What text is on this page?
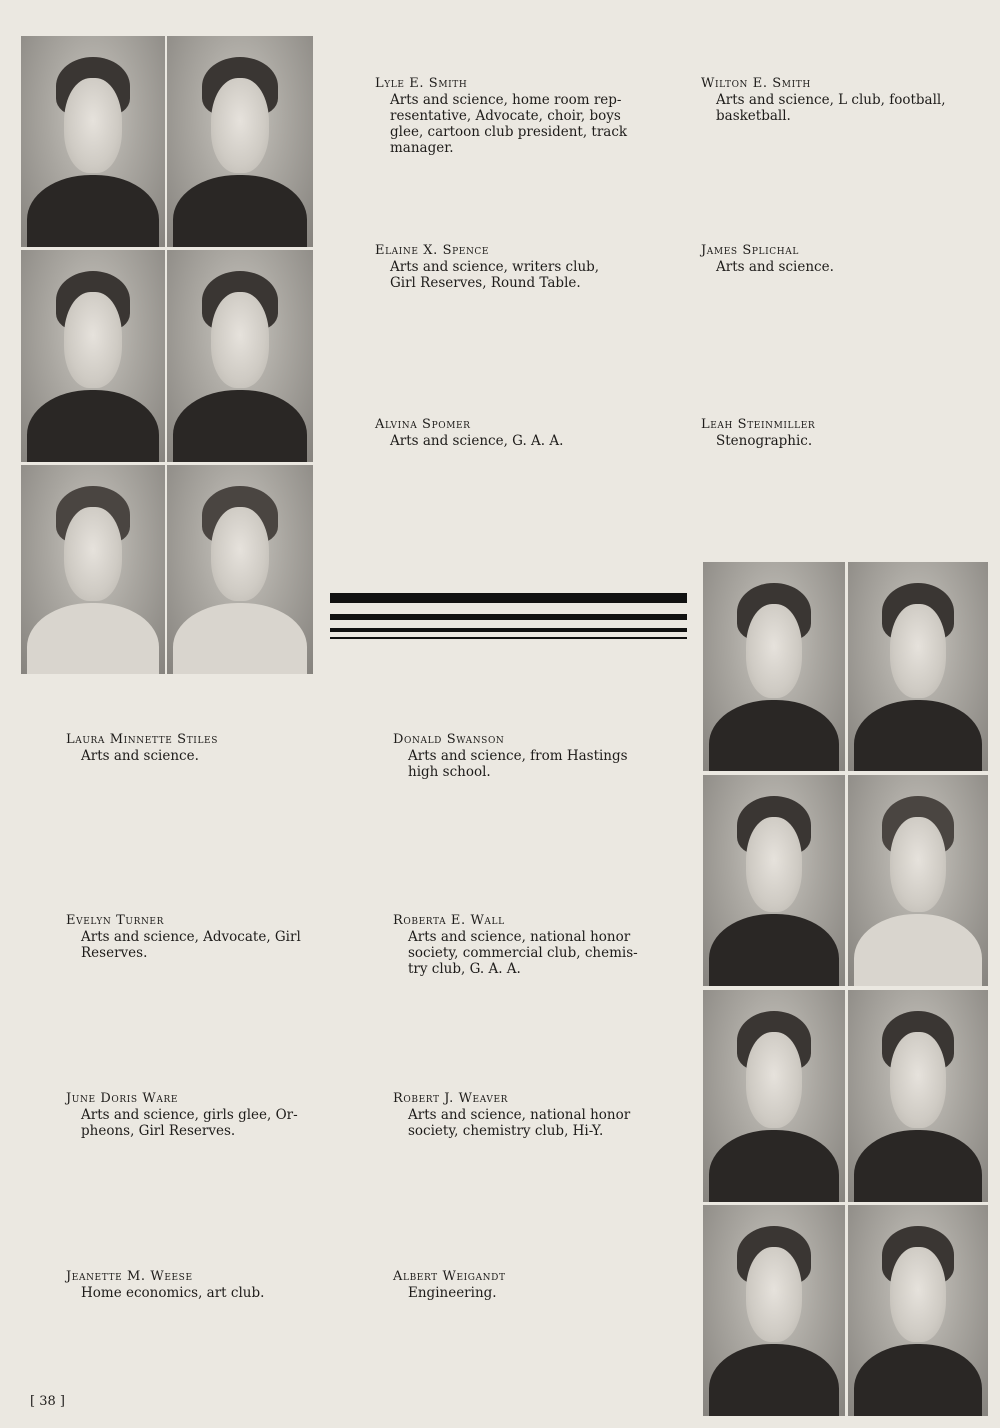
Lyle E. Smith
Arts and science, home room rep-
resentative, Advocate, choir, boys
glee, cartoon club president, track
manager.
Wilton E. Smith
Arts and science, L club, football,
basketball.
Elaine X. Spence
Arts and science, writers club,
Girl Reserves, Round Table.
James Splichal
Arts and science.
Alvina Spomer
Arts and science, G. A. A.
Leah Steinmiller
Stenographic.
Laura Minnette Stiles
Arts and science.
Donald Swanson
Arts and science, from Hastings
high school.
Evelyn Turner
Arts and science, Advocate, Girl
Reserves.
Roberta E. Wall
Arts and science, national honor
society, commercial club, chemis-
try club, G. A. A.
June Doris Ware
Arts and science, girls glee, Or-
pheons, Girl Reserves.
Robert J. Weaver
Arts and science, national honor
society, chemistry club, Hi-Y.
Jeanette M. Weese
Home economics, art club.
Albert Weigandt
Engineering.
[ 38 ]
